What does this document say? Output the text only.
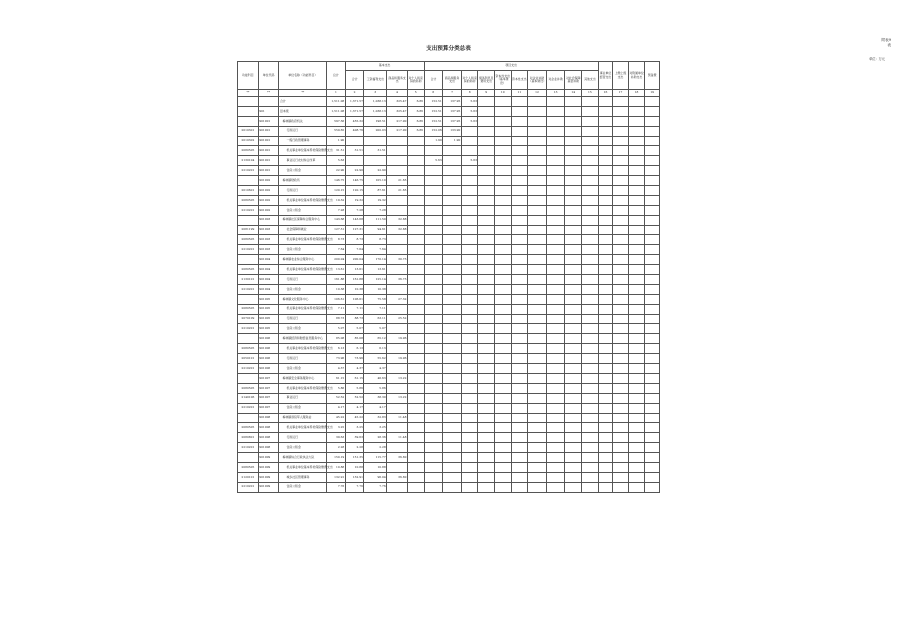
附表9
表
支出预算分类总表
单位：万元
功能科目	单位代码	单位名称（功能科目）	总计	基本支出				项目支出										事业单位经营支出	上缴上级支出	对附属单位补助支出	预备费
				合计	工资福利支出	商品和服务支出	对个人和家庭的补助	合计	商品和服务支出	对个人和家庭的补助	债务利息及费用支出	资本性支出（基本建设）	资本性支出	对企业补助（基本建设）	对企业补助	对社会保障基金补助	其他支出				
**	**	**	1	2	3	4	5	6	7	8	9	10	11	12	13	14	15	16	17	18	19
		合计	1,511.08	1,371.57	1,038.13	325.47	6.86	152.51	137.95	5.63											
	901	县本级	1,511.08	1,371.57	1,038.13	325.47	6.86	152.51	137.95	5.63											
	901001	梅林镇政府机关	597.36	455.32	198.51	217.90	6.86	152.51	137.95	5.63											
2010301	901001	行政运行	559.65	408.76	200.03	217.90	6.86	152.06	133.90												
2010302	901001	一般行政管理事务	1.90					1.90	1.90												
2080505	901001	机关事业单位基本养老保险缴费支出	31.51	31.51	31.51																
2130104	901001	事业运行农村综合改革	5.63					5.63		5.63											
2210201	901001	住房公积金	22.90	22.90	22.90																
	901002	梅林镇财政所	146.75	146.75	105.10	21.65															
2010601	901002	行政运行	120.15	120.15	87.61	21.65															
2080505	901002	机关事业单位基本养老保险缴费支出	19.32	19.32	19.32																
2210201	901002	住房公积金	7.28	7.28	7.28																
	901003	梅林镇社区保障综合服务中心	143.68	143.68	111.50	32.88															
2081199	901003	社会保障和就业	127.31	127.31	94.61	32.88															
2080505	901003	机关事业单位基本养老保险缴费支出	8.73	8.73	8.73																
2210201	901003	住房公积金	7.64	7.64	7.64																
	901004	梅林镇农业综合服务中心	200.04	200.04	170.14	30.73															
2080505	901004	机关事业单位基本养老保险缴费支出	13.61	13.61	13.61																
2130101	901004	行政运行	161.88	161.88	125.14	36.73															
2210201	901004	住房公积金	10.38	10.38	10.38																
	901005	梅林镇文化服务中心	106.61	106.61	75.58	27.32															
2080505	901005	机关事业单位基本养老保险缴费支出	7.11	7.11	7.11																
2070109	901005	行政运行	88.73	88.73	63.11	25.52															
2210201	901005	住房公积金	5.07	5.07	5.07																
	901006	梅林镇经济和财经信息服务中心	85.08	85.08	65.12	19.96															
2080505	901006	机关事业单位基本养老保险缴费支出	6.13	6.13	6.13																
2050101	901006	行政运行	73.96	73.96	55.62	19.96															
2210201	901006	住房公积金	4.37	4.37	4.37																
	901007	梅林镇安全事务服务中心	61.15	61.15	46.63	13.22															
2080505	901007	机关事业单位基本养老保险缴费支出	5.86	5.86	5.86																
2140106	901007	事业运行	52.52	52.52	38.30	13.22															
2210201	901007	住房公积金	4.17	4.17	4.17																
	901008	梅林镇退役军人服务站	45.22	45.22	32.83	11.48															
2080505	901008	机关事业单位基本养老保险缴费支出	3.25	3.25	3.25																
2080801	901008	行政运行	39.63	39.63	28.36	11.48															
2210201	901008	住房公积金	2.28	2.28	2.28																
	901009	梅林镇综合行政执法大队	150.19	151.35	115.77	36.80															
2080505	901009	机关事业单位基本养老保险缴费支出	10.88	10.88	10.88																
2120101	901009	城乡社区管理事务	132.91	132.91	96.04	36.80															
2210201	901009	住房公积金	7.76	7.76	7.76																
